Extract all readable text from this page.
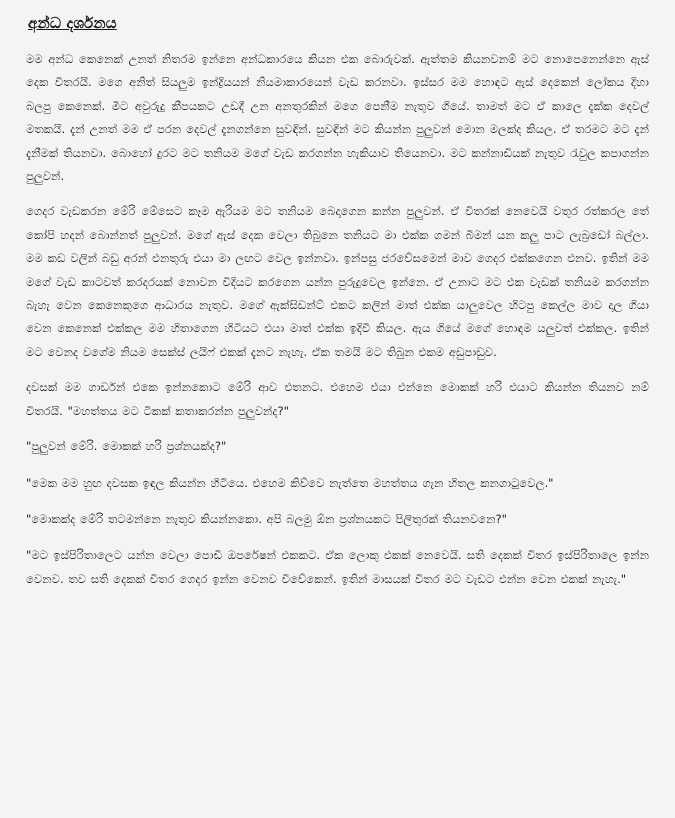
අන්ධ දර්ශනය

මම අන්ධ කෙනෙක් උනත් නිතරම ඉන්නෙ අන්ධකාරයෙ කියන එක බොරුවක්. ඇත්තම කියනවනම් මට නොපෙනෙන්නෙ ඇස් දෙක විතරයි. මගෙ අනිත් සියලුම ඉන්ද්‍රියයන් නියමාකාරයෙන් වැඩ කරනවා. ඉස්සර මම හොඳට ඇස් දෙකෙන් ලෝකය දිහා බලපු කෙනෙක්. මීට අවුරුදු කීපයකට උඩදී උන අනතුරකින් මගෙ පෙනීම නැතුව ගියේ. තාමත් මට ඒ කාලෙ දැක්ක දෙවල් මතකයි. දැන් උනත් මම ඒ පරන දෙවල් දැනගන්නෙ සුවඳින්. සුවඳින් මට කියන්න පුලුවන් මොන මලක්ද කියල. ඒ තරමට මට දැන් දැනීමක් තියනවා. බොහෝ දුරට මට තනියම මගේ වැඩ කරගන්න හැකියාව තියෙනවා. මට කන්නාඩියක් නැතුව රැවුල කපාගන්න පුලුවන්.

ගෙදර වැඩකරන මේරි මේසෙට කෑම ඇරියම මට තනියම බෙදාගෙන කන්න පුලුවන්. ඒ විතරක් නෙවෙයි වතුර රත්කරල තේ කෝපි හදන් බොන්නත් පුලුවන්. මගේ ඇස් දෙක වෙලා තිබුනෙ තනියට මා එක්ක ගමන් බීමන් යන කලු පාට ලැබ්‍රඩෝ බල්ලා. මම කඩ වලින් බඩු අරන් එනතුරු එයා මා ලඟට වෙල ඉන්නවා. ඉන්පසු ජරවේසමෙන් මාව ගෙදර එක්කගෙන එනව. ඉතින් මම මගේ වැඩ කාටවත් කරදරයක් නොවන විදියට කරගෙන යන්න පුරුදුවෙල ඉන්නෙ. ඒ උනාට මට එක වැඩක් තනියම කරගන්න බැහැ වෙන කෙනෙකුගෙ ආධාරය නැතුව. මගේ ඇක්සිඩන්ට් එකට කලින් මාත් එක්ක යාලුවෙල හිටපු කෙල්ල මාව දාල ගියා වෙන කෙනෙක් එක්කල මම හිතාගෙන හිටියට එයා මාත් එක්ක ඉදිවී කියල. ඇය ගියේ මගේ හොඳම යලුවත් එක්කල. ඉතින් මට වෙනද වගේම නියම සෙක්ස් ලයිෆ් එකක් දැනට නැහැ. ඒක තමයි මට තිබුන එකම අඩුපාඩුව.

දවසක් මම ගාර්ඩන් එකෙ ඉන්නකොට මේරි ආව එතනට. එහෙම එයා එන්නෙ මොකක් හරි එයාට කියන්න තියනව නම් විතරයි. "මහත්තය මට ටිකක් කතාකරන්න පුලුවන්ද?"

"පුලුවන් මේරි. මොකක් හරි ප්‍රශ්නයක්ද?"

"මෙක මම හුඟ දවසක ඉඳල කියන්න හිටියෙ. එහෙම කිව්වෙ නැත්තෙ මහත්තය ගැන හිතල කනගාටුවෙල."

"මොකක්ද මේරි තටමන්නෙ නැතුව කියන්නකො. අපි බලමු ඕන ප්‍රශ්නයකට පිලිතුරක් තියනවනෙ?"

"මට ඉස්පිරිතාලෙට යන්න වෙලා පොඩි ඔපරේෂන් එකකට. ඒක ලොකු එකක් නෙවෙයි. සති දෙකක් විතර ඉස්පිරිතාලෙ ඉන්න වෙනව. තව සති දෙකක් විතර ගෙදර ඉන්න වෙනව විවේකෙන්. ඉතින් මාසයක් විතර මට වැඩට එන්න වෙන එකක් නැහැ."
